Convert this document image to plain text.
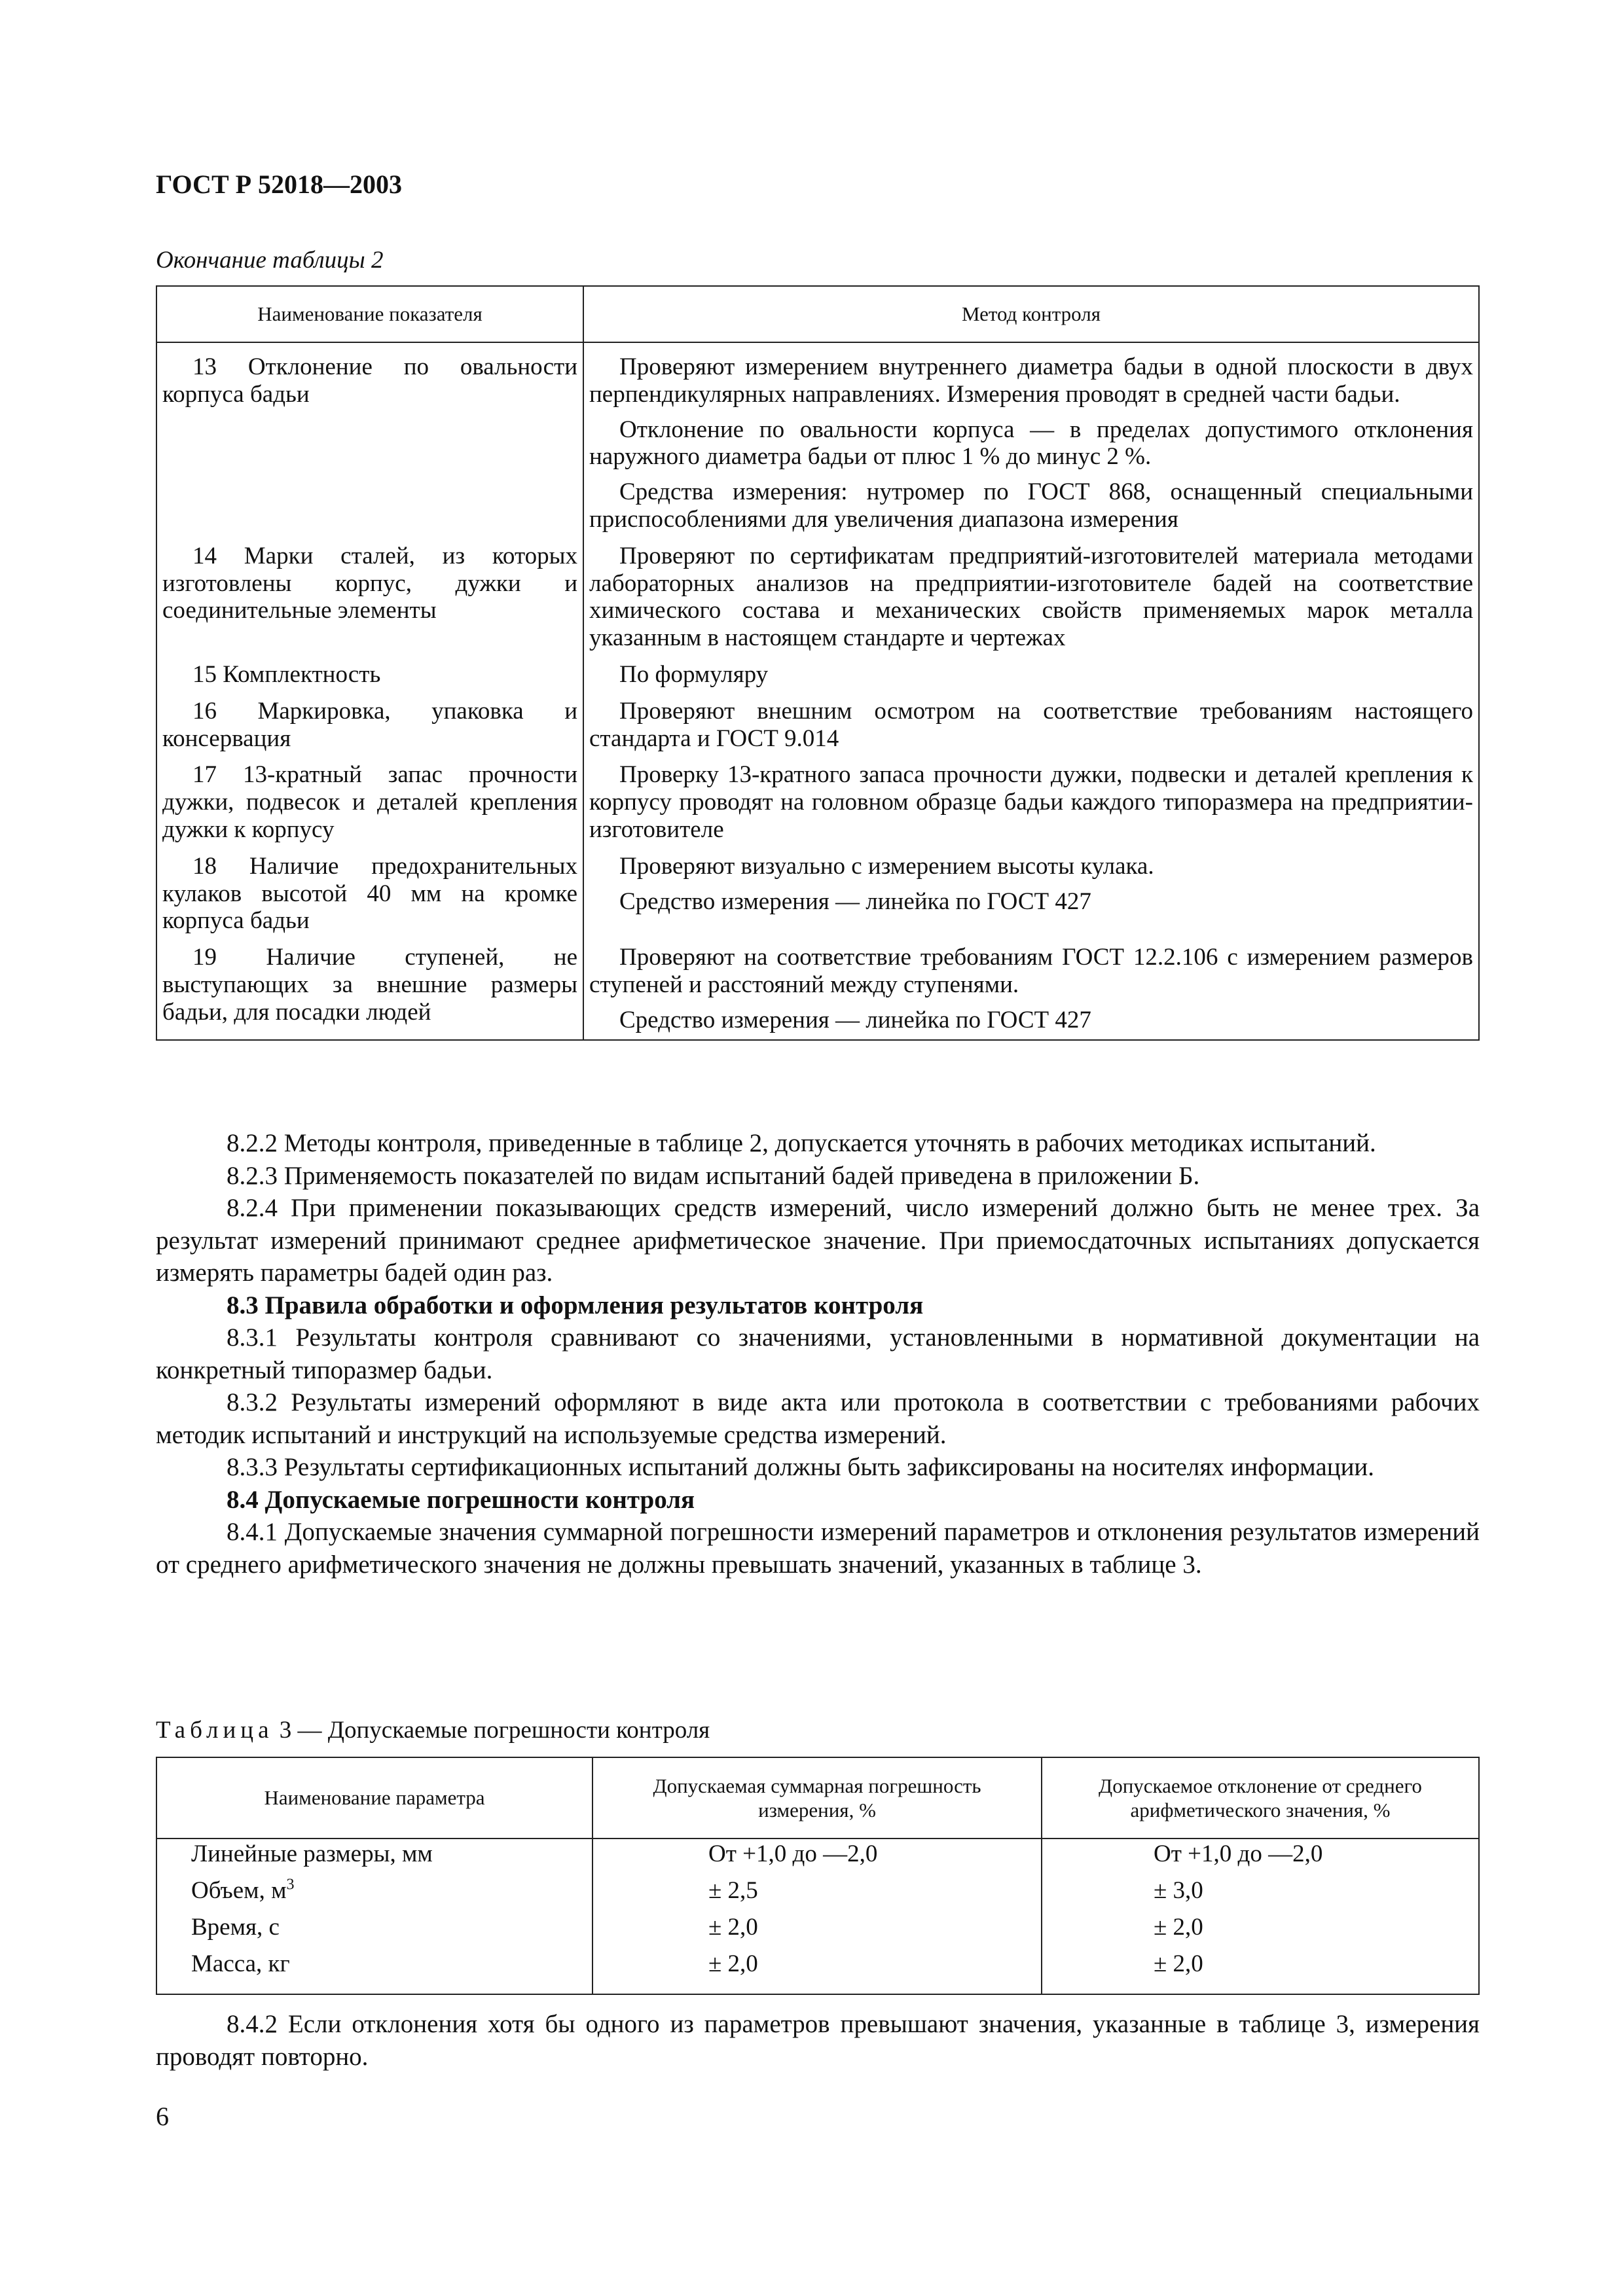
ГОСТ Р 52018—2003
Окончание таблицы 2
Наименование показателя	Метод контроля

13 Отклонение по овальности корпуса бадьи	Проверяют измерением внутреннего диаметра бадьи в одной плоскости в двух перпендикулярных направлениях. Измерения проводят в средней части бадьи.

Отклонение по овальности корпуса — в пределах допустимого отклонения наружного диаметра бадьи от плюс 1 % до минус 2 %.

Средства измерения: нутромер по ГОСТ 868, оснащенный специальными приспособлениями для увеличения диапазона измерения

14 Марки сталей, из которых изготовлены корпус, дужки и соединительные элементы	Проверяют по сертификатам предприятий-изготовителей материала методами лабораторных анализов на предприятии-изготовителе бадей на соответствие химического состава и механических свойств применяемых марок металла указанным в настоящем стандарте и чертежах

15 Комплектность	По формуляру

16 Маркировка, упаковка и консервация	Проверяют внешним осмотром на соответствие требованиям настоящего стандарта и ГОСТ 9.014

17 13-кратный запас прочности дужки, подвесок и деталей крепления дужки к корпусу	Проверку 13-кратного запаса прочности дужки, подвески и деталей крепления к корпусу проводят на головном образце бадьи каждого типоразмера на предприятии-изготовителе

18 Наличие предохранительных кулаков высотой 40 мм на кромке корпуса бадьи	Проверяют визуально с измерением высоты кулака.

Средство измерения — линейка по ГОСТ 427

19 Наличие ступеней, не выступающих за внешние размеры бадьи, для посадки людей	Проверяют на соответствие требованиям ГОСТ 12.2.106 с измерением размеров ступеней и расстояний между ступенями.

Средство измерения — линейка по ГОСТ 427

8.2.2 Методы контроля, приведенные в таблице 2, допускается уточнять в рабочих методиках испытаний.

8.2.3 Применяемость показателей по видам испытаний бадей приведена в приложении Б.

8.2.4 При применении показывающих средств измерений, число измерений должно быть не менее трех. За результат измерений принимают среднее арифметическое значение. При приемосдаточных испытаниях допускается измерять параметры бадей один раз.

8.3 Правила обработки и оформления результатов контроля

8.3.1 Результаты контроля сравнивают со значениями, установленными в нормативной документации на конкретный типоразмер бадьи.

8.3.2 Результаты измерений оформляют в виде акта или протокола в соответствии с требованиями рабочих методик испытаний и инструкций на используемые средства измерений.

8.3.3 Результаты сертификационных испытаний должны быть зафиксированы на носителях информации.

8.4 Допускаемые погрешности контроля

8.4.1 Допускаемые значения суммарной погрешности измерений параметров и отклонения результатов измерений от среднего арифметического значения не должны превышать значений, указанных в таблице 3.

Таблица 3 — Допускаемые погрешности контроля
Наименование параметра	Допускаемая суммарная погрешность измерения, %	Допускаемое отклонение от среднего арифметического значения, %
Линейные размеры, мм	От +1,0 до —2,0	От +1,0 до —2,0
Объем, $м^3$	± 2,5	± 3,0
Время, с	± 2,0	± 2,0
Масса, кг	± 2,0	± 2,0

8.4.2 Если отклонения хотя бы одного из параметров превышают значения, указанные в таблице 3, измерения проводят повторно.

6
